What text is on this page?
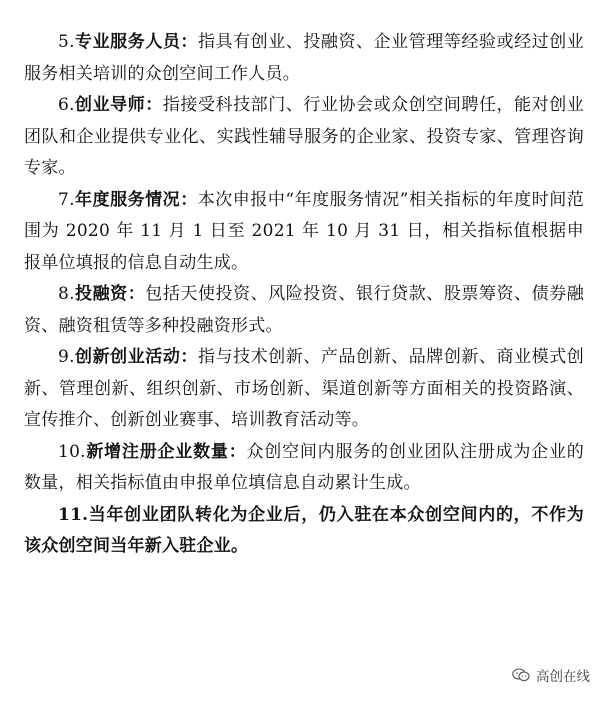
5.专业服务人员：指具有创业、投融资、企业管理等经验或经过创业服务相关培训的众创空间工作人员。

6.创业导师：指接受科技部门、行业协会或众创空间聘任，能对创业团队和企业提供专业化、实践性辅导服务的企业家、投资专家、管理咨询专家。

7.年度服务情况：本次申报中“年度服务情况”相关指标的年度时间范围为 2020 年 11 月 1 日至 2021 年 10 月 31 日，相关指标值根据申报单位填报的信息自动生成。

8.投融资：包括天使投资、风险投资、银行贷款、股票筹资、债券融资、融资租赁等多种投融资形式。

9.创新创业活动：指与技术创新、产品创新、品牌创新、商业模式创新、管理创新、组织创新、市场创新、渠道创新等方面相关的投资路演、宣传推介、创新创业赛事、培训教育活动等。

10.新增注册企业数量：众创空间内服务的创业团队注册成为企业的数量，相关指标值由申报单位填信息自动累计生成。

11.当年创业团队转化为企业后，仍入驻在本众创空间内的，不作为该众创空间当年新入驻企业。

高创在线
